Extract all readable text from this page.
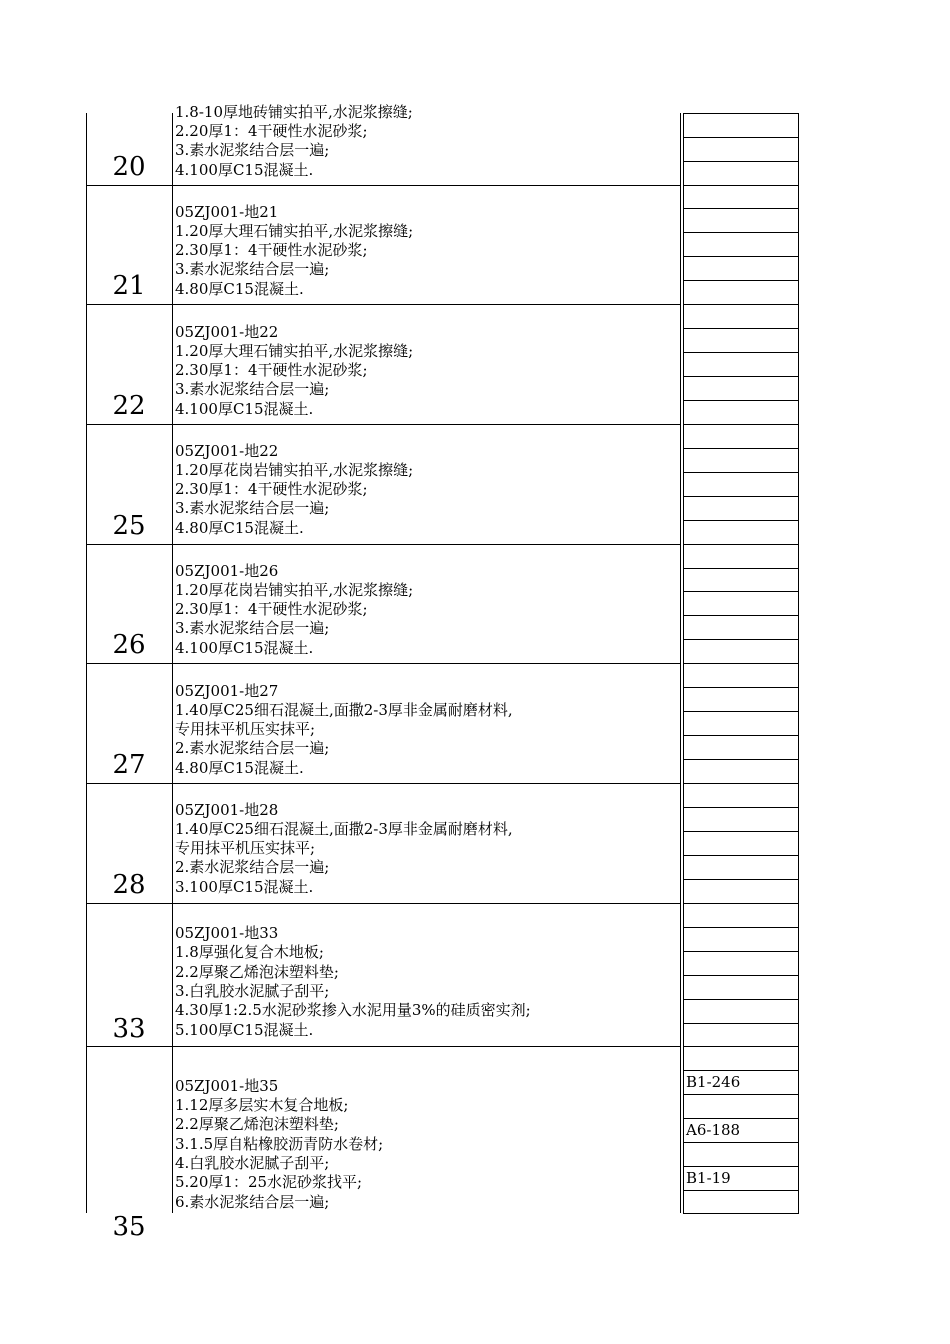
1.8-10厚地砖铺实拍平,水泥浆擦缝;
2.20厚1：4干硬性水泥砂浆;
3.素水泥浆结合层一遍;
4.100厚C15混凝土.
20
05ZJ001-地21
1.20厚大理石铺实拍平,水泥浆擦缝;
2.30厚1：4干硬性水泥砂浆;
3.素水泥浆结合层一遍;
4.80厚C15混凝土.
21
05ZJ001-地22
1.20厚大理石铺实拍平,水泥浆擦缝;
2.30厚1：4干硬性水泥砂浆;
3.素水泥浆结合层一遍;
4.100厚C15混凝土.
22
05ZJ001-地22
1.20厚花岗岩铺实拍平,水泥浆擦缝;
2.30厚1：4干硬性水泥砂浆;
3.素水泥浆结合层一遍;
4.80厚C15混凝土.
25
05ZJ001-地26
1.20厚花岗岩铺实拍平,水泥浆擦缝;
2.30厚1：4干硬性水泥砂浆;
3.素水泥浆结合层一遍;
4.100厚C15混凝土.
26
05ZJ001-地27
1.40厚C25细石混凝土,面撒2-3厚非金属耐磨材料,
专用抹平机压实抹平;
2.素水泥浆结合层一遍;
4.80厚C15混凝土.
27
05ZJ001-地28
1.40厚C25细石混凝土,面撒2-3厚非金属耐磨材料,
专用抹平机压实抹平;
2.素水泥浆结合层一遍;
3.100厚C15混凝土.
28
05ZJ001-地33
1.8厚强化复合木地板;
2.2厚聚乙烯泡沫塑料垫;
3.白乳胶水泥腻子刮平;
4.30厚1:2.5水泥砂浆掺入水泥用量3%的硅质密实剂;
5.100厚C15混凝土.
33
05ZJ001-地35
1.12厚多层实木复合地板;
2.2厚聚乙烯泡沫塑料垫;
3.1.5厚自粘橡胶沥青防水卷材;
4.白乳胶水泥腻子刮平;
5.20厚1：25水泥砂浆找平;
6.素水泥浆结合层一遍;
35
B1-246
A6-188
B1-19
